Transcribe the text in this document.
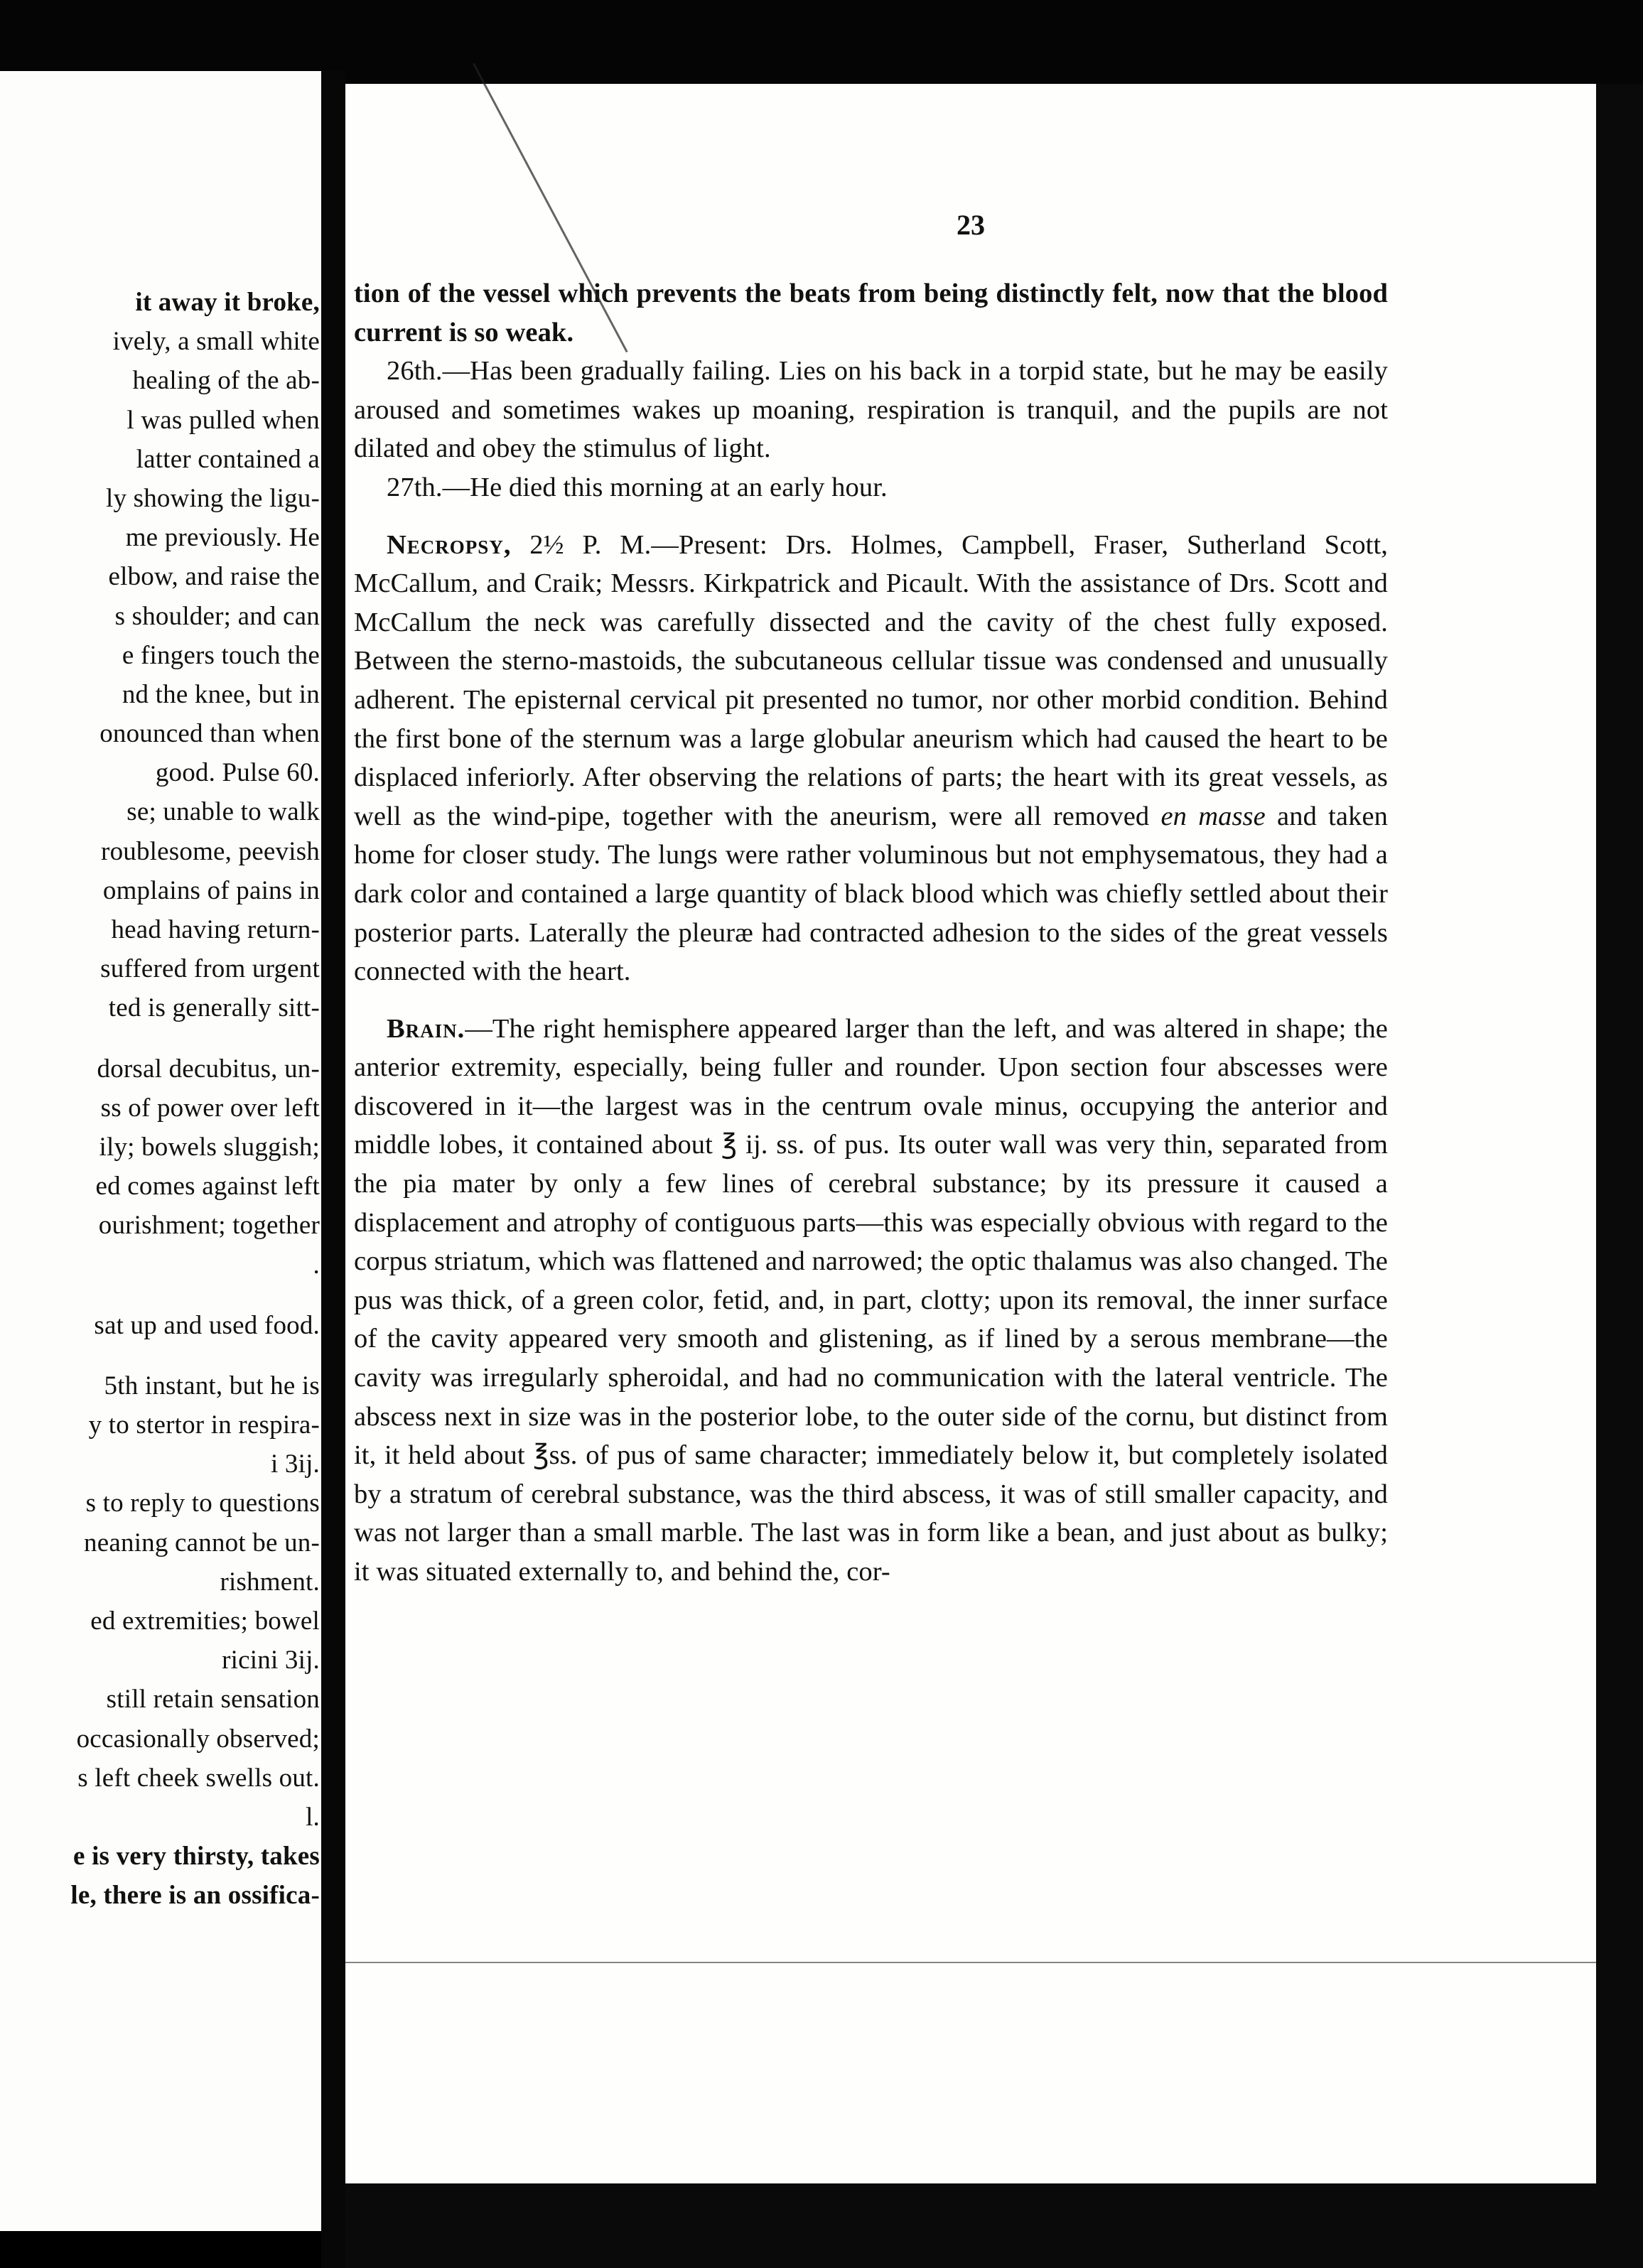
it away it broke,
ively, a small white
healing of the ab-
l was pulled when
latter contained a
ly showing the ligu-
me previously. He
elbow, and raise the
s shoulder; and can
e fingers touch the
nd the knee, but in
onounced than when
good. Pulse 60.
se; unable to walk
roublesome, peevish
omplains of pains in
head having return-
suffered from urgent
ted is generally sitt-
dorsal decubitus, un-
ss of power over left
ily; bowels sluggish;
ed comes against left
ourishment; together
.
sat up and used food.
5th instant, but he is
y to stertor in respira-
i 3ij.
s to reply to questions
neaning cannot be un-
rishment.
ed extremities; bowel
ricini 3ij.
still retain sensation
occasionally observed;
s left cheek swells out.
l.
e is very thirsty, takes
le, there is an ossifica-
23

tion of the vessel which prevents the beats from being distinctly felt, now that the blood current is so weak.

26th.—Has been gradually failing. Lies on his back in a torpid state, but he may be easily aroused and sometimes wakes up moaning, respiration is tranquil, and the pupils are not dilated and obey the stimulus of light.

27th.—He died this morning at an early hour.

Necropsy, 2½ P. M.—Present: Drs. Holmes, Campbell, Fraser, Sutherland Scott, McCallum, and Craik; Messrs. Kirkpatrick and Picault. With the assistance of Drs. Scott and McCallum the neck was carefully dissected and the cavity of the chest fully exposed. Between the sterno-mastoids, the subcutaneous cellular tissue was condensed and unusually adherent. The episternal cervical pit presented no tumor, nor other morbid condition. Behind the first bone of the sternum was a large globular aneurism which had caused the heart to be displaced inferiorly. After observing the relations of parts; the heart with its great vessels, as well as the wind-pipe, together with the aneurism, were all removed en masse and taken home for closer study. The lungs were rather voluminous but not emphysematous, they had a dark color and contained a large quantity of black blood which was chiefly settled about their posterior parts. Laterally the pleuræ had contracted adhesion to the sides of the great vessels connected with the heart.

Brain.—The right hemisphere appeared larger than the left, and was altered in shape; the anterior extremity, especially, being fuller and rounder. Upon section four abscesses were discovered in it—the largest was in the centrum ovale minus, occupying the anterior and middle lobes, it contained about ℥ ij. ss. of pus. Its outer wall was very thin, separated from the pia mater by only a few lines of cerebral substance; by its pressure it caused a displacement and atrophy of contiguous parts—this was especially obvious with regard to the corpus striatum, which was flattened and narrowed; the optic thalamus was also changed. The pus was thick, of a green color, fetid, and, in part, clotty; upon its removal, the inner surface of the cavity appeared very smooth and glistening, as if lined by a serous membrane—the cavity was irregularly spheroidal, and had no communication with the lateral ventricle. The abscess next in size was in the posterior lobe, to the outer side of the cornu, but distinct from it, it held about ℥ss. of pus of same character; immediately below it, but completely isolated by a stratum of cerebral substance, was the third abscess, it was of still smaller capacity, and was not larger than a small marble. The last was in form like a bean, and just about as bulky; it was situated externally to, and behind the, cor-
